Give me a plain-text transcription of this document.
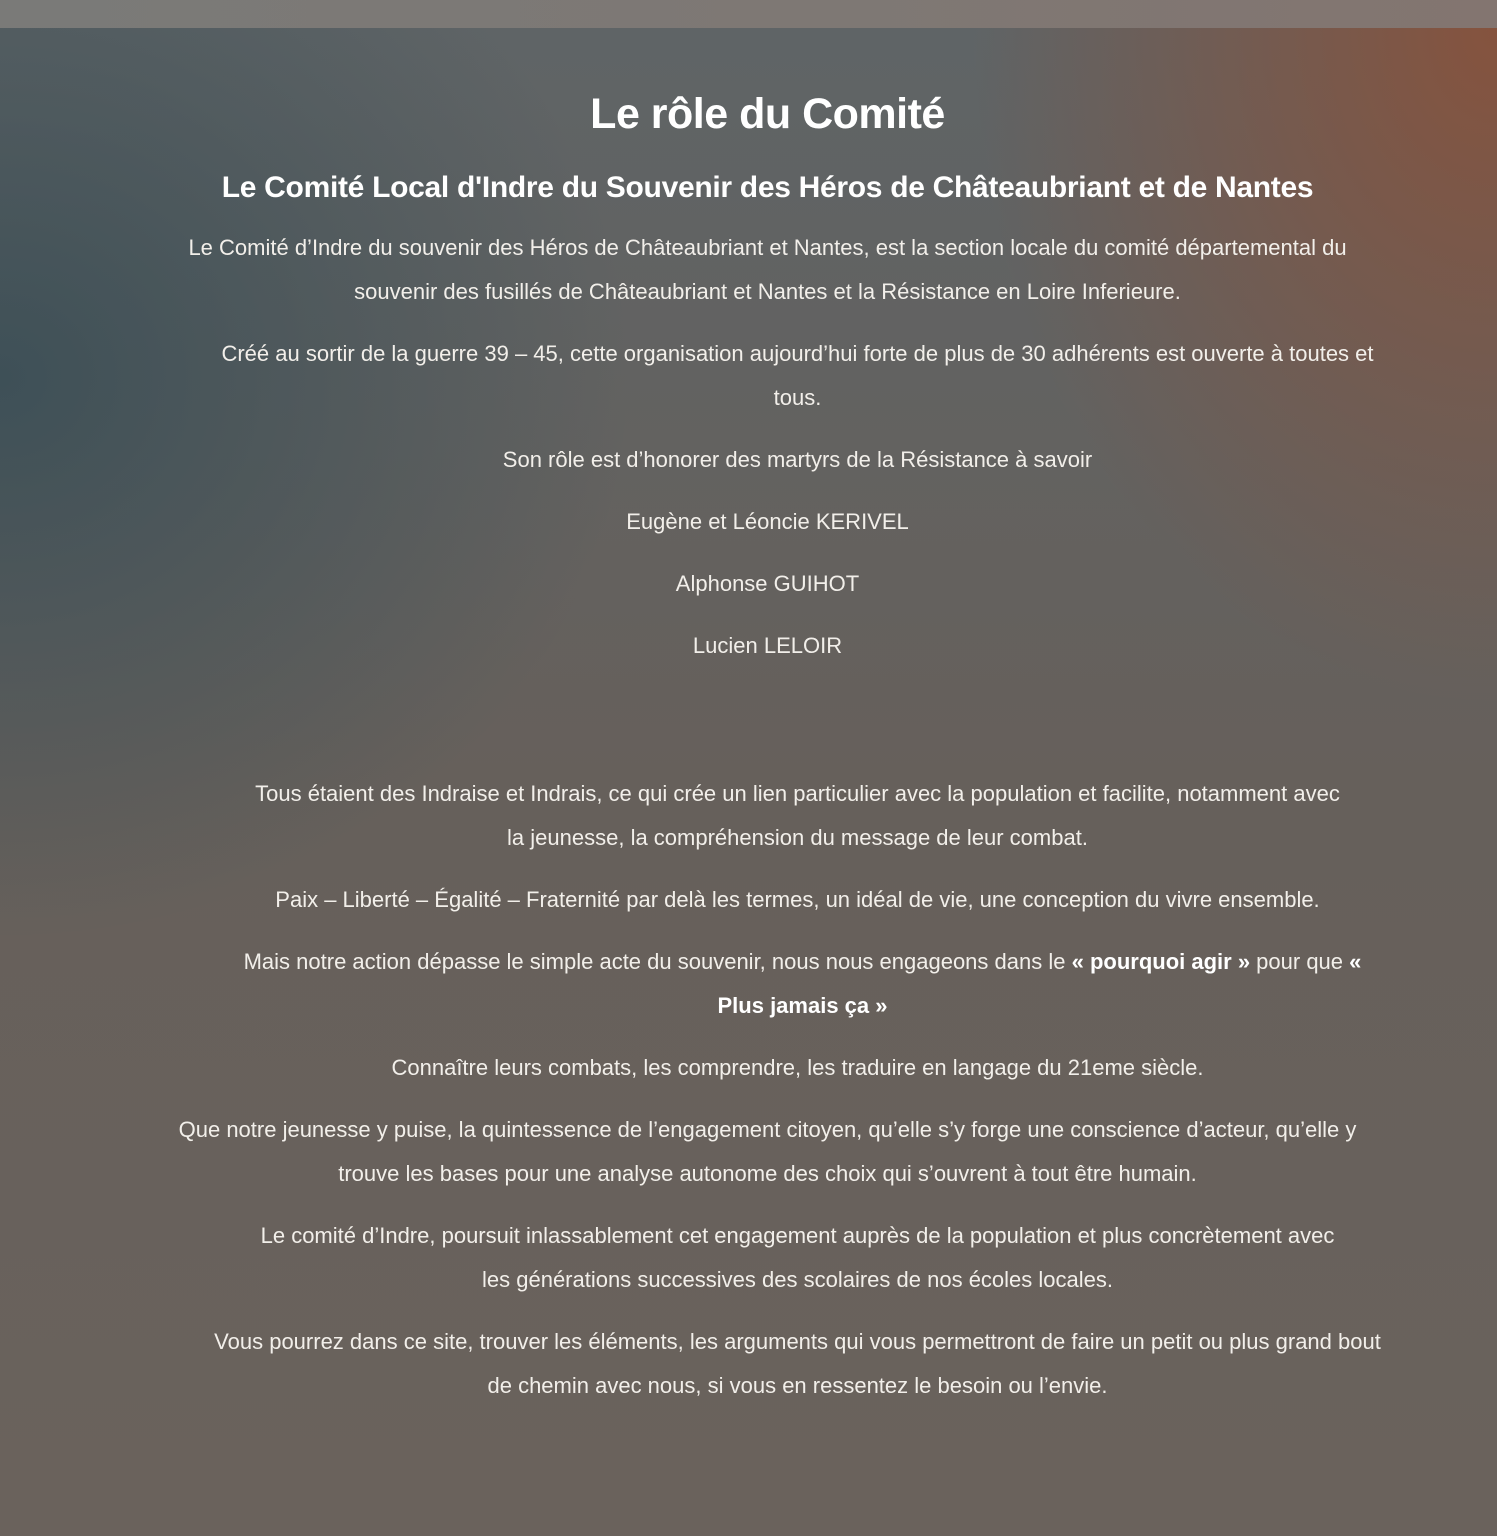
Le rôle du Comité
Le Comité Local d'Indre du Souvenir des Héros de Châteaubriant et de Nantes

Le Comité d’Indre du souvenir des Héros de Châteaubriant et Nantes, est la section locale du comité départemental du souvenir des fusillés de Châteaubriant et Nantes et la Résistance en Loire Inferieure.

Créé au sortir de la guerre 39 – 45, cette organisation aujourd’hui forte de plus de 30 adhérents est ouverte à toutes et tous.

Son rôle est d’honorer des martyrs de la Résistance à savoir

Eugène et Léoncie KERIVEL

Alphonse GUIHOT

Lucien LELOIR

Tous étaient des Indraise et Indrais, ce qui crée un lien particulier avec la population et facilite, notamment avec la jeunesse, la compréhension du message de leur combat.

Paix – Liberté – Égalité – Fraternité par delà les termes, un idéal de vie, une conception du vivre ensemble.

Mais notre action dépasse le simple acte du souvenir, nous nous engageons dans le « pourquoi agir » pour que « Plus jamais ça »

Connaître leurs combats, les comprendre, les traduire en langage du 21eme siècle.

Que notre jeunesse y puise, la quintessence de l’engagement citoyen, qu’elle s’y forge une conscience d’acteur, qu’elle y trouve les bases pour une analyse autonome des choix qui s’ouvrent à tout être humain.

Le comité d’Indre, poursuit inlassablement cet engagement auprès de la population et plus concrètement avec les générations successives des scolaires de nos écoles locales.

Vous pourrez dans ce site, trouver les éléments, les arguments qui vous permettront de faire un petit ou plus grand bout de chemin avec nous, si vous en ressentez le besoin ou l’envie.
